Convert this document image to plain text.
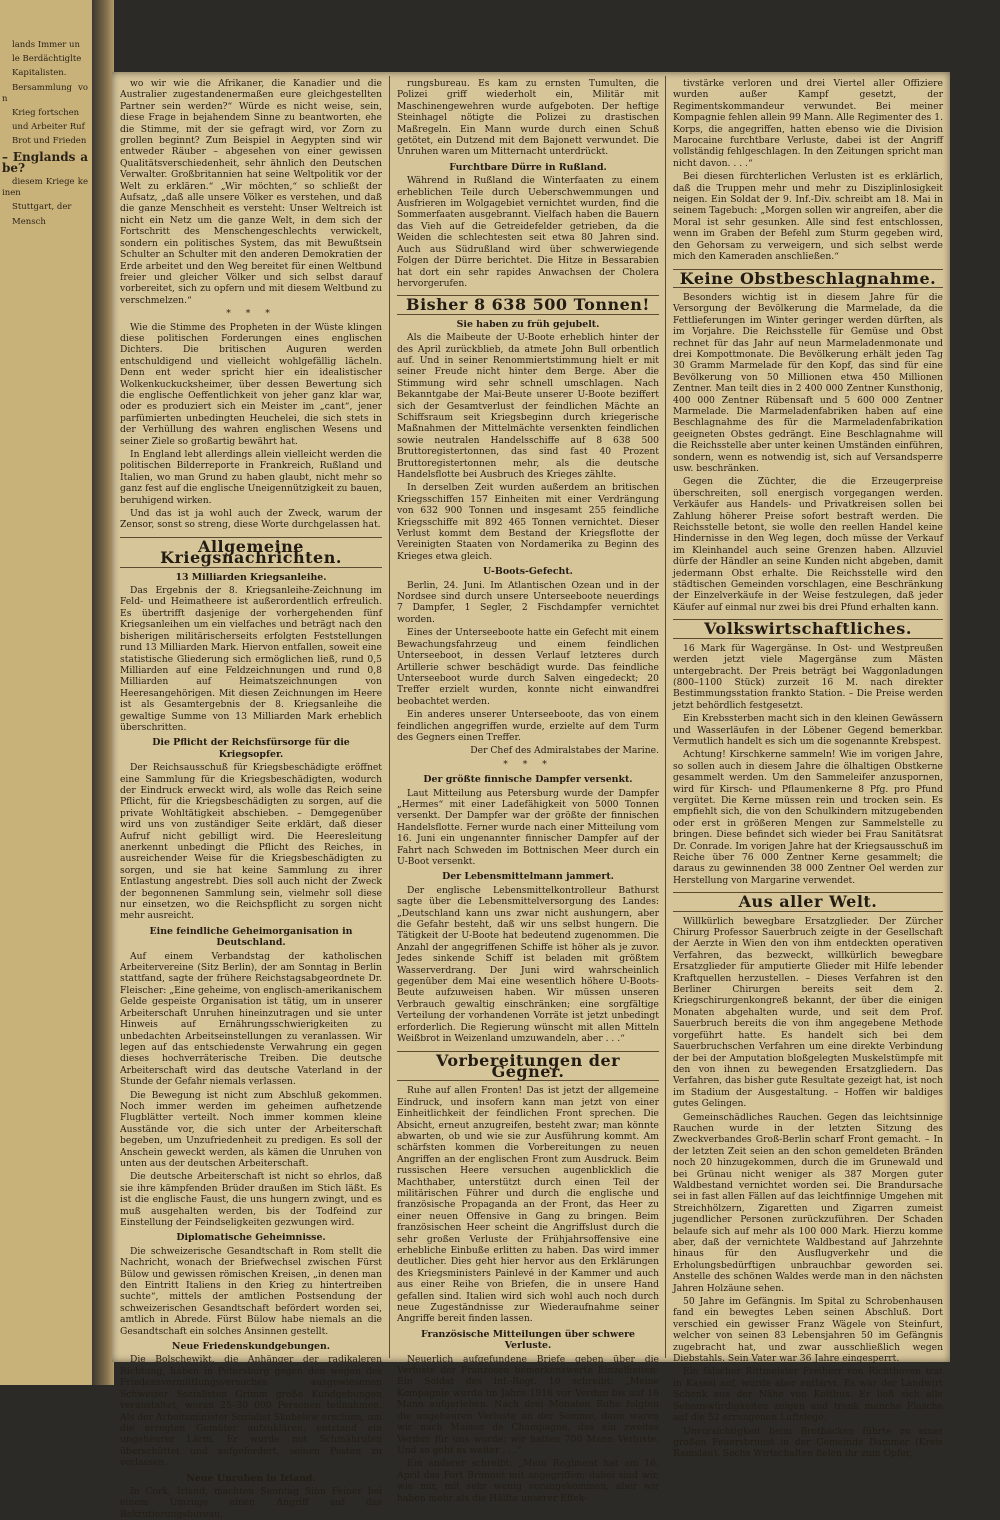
lands Immer un

le Berdächtiglte

Kapitalisten.

Bersammlung von

Krieg fortschen

und Arbeiter Ruf

Brot und Frieden

– Englands abe?

diesem Kriege keinen

Stuttgart, der

Mensch

wo wir wie die Afrikaner, die Kanadier und die Australier zugestandenermaßen eure gleichgestellten Partner sein werden?“ Würde es nicht weise, sein, diese Frage in bejahendem Sinne zu beantworten, ehe die Stimme, mit der sie gefragt wird, vor Zorn zu grollen beginnt? Zum Beispiel in Aegypten sind wir entweder Räuber – abgesehen von einer gewissen Qualitätsverschiedenheit, sehr ähnlich den Deutschen Verwalter. Großbritannien hat seine Weltpolitik vor der Welt zu erklären.“ „Wir möchten,“ so schließt der Aufsatz, „daß alle unsere Völker es verstehen, und daß die ganze Menschheit es versteht: Unser Weltreich ist nicht ein Netz um die ganze Welt, in dem sich der Fortschritt des Menschengeschlechts verwickelt, sondern ein politisches System, das mit Bewußtsein Schulter an Schulter mit den anderen Demokratien der Erde arbeitet und den Weg bereitet für einen Weltbund freier und gleicher Völker und sich selbst darauf vorbereitet, sich zu opfern und mit diesem Weltbund zu verschmelzen.“

* * *

Wie die Stimme des Propheten in der Wüste klingen diese politischen Forderungen eines englischen Dichters. Die britischen Auguren werden entschuldigend und vielleicht wohlgefällig lächeln. Denn ent weder spricht hier ein idealistischer Wolkenkuckucksheimer, über dessen Bewertung sich die englische Oeffentlichkeit von jeher ganz klar war, oder es produziert sich ein Meister im „cant“, jener parfümierten unbedingten Heuchelei, die sich stets in der Verhüllung des wahren englischen Wesens und seiner Ziele so großartig bewährt hat.

In England lebt allerdings allein vielleicht werden die politischen Bilderreporte in Frankreich, Rußland und Italien, wo man Grund zu haben glaubt, nicht mehr so ganz fest auf die englische Uneigennützigkeit zu bauen, beruhigend wirken.

Und das ist ja wohl auch der Zweck, warum der Zensor, sonst so streng, diese Worte durchgelassen hat.

Allgemeine Kriegsnachrichten.
13 Milliarden Kriegsanleihe.

Das Ergebnis der 8. Kriegsanleihe-Zeichnung im Feld- und Heimatheere ist außerordentlich erfreulich. Es übertrifft dasjenige der vorhergehenden fünf Kriegsanleihen um ein vielfaches und beträgt nach den bisherigen militärischerseits erfolgten Feststellungen rund 13 Milliarden Mark. Hiervon entfallen, soweit eine statistische Gliederung sich ermöglichen ließ, rund 0,5 Milliarden auf eine Feldzeichnungen und rund 0,8 Milliarden auf Heimatszeichnungen von Heeresangehörigen. Mit diesen Zeichnungen im Heere ist als Gesamtergebnis der 8. Kriegsanleihe die gewaltige Summe von 13 Milliarden Mark erheblich überschritten.

Die Pflicht der Reichsfürsorge für die Kriegsopfer.

Der Reichsausschuß für Kriegsbeschädigte eröffnet eine Sammlung für die Kriegsbeschädigten, wodurch der Eindruck erweckt wird, als wolle das Reich seine Pflicht, für die Kriegsbeschädigten zu sorgen, auf die private Wohltätigkeit abschieben. – Demgegenüber wird uns von zuständiger Seite erklärt, daß dieser Aufruf nicht gebilligt wird. Die Heeresleitung anerkennt unbedingt die Pflicht des Reiches, in ausreichender Weise für die Kriegsbeschädigten zu sorgen, und sie hat keine Sammlung zu ihrer Entlastung angestrebt. Dies soll auch nicht der Zweck der begonnenen Sammlung sein, vielmehr soll diese nur einsetzen, wo die Reichspflicht zu sorgen nicht mehr ausreicht.

Eine feindliche Geheimorganisation in Deutschland.

Auf einem Verbandstag der katholischen Arbeitervereine (Sitz Berlin), der am Sonntag in Berlin stattfand, sagte der frühere Reichstagsabgeordnete Dr. Fleischer: „Eine geheime, von englisch-amerikanischem Gelde gespeiste Organisation ist tätig, um in unserer Arbeiterschaft Unruhen hineinzutragen und sie unter Hinweis auf Ernährungsschwierigkeiten zu unbedachten Arbeitseinstellungen zu veranlassen. Wir legen auf das entschiedenste Verwahrung ein gegen dieses hochverräterische Treiben. Die deutsche Arbeiterschaft wird das deutsche Vaterland in der Stunde der Gefahr niemals verlassen.

Die Bewegung ist nicht zum Abschluß gekommen. Noch immer werden im geheimen aufhetzende Flugblätter verteilt. Noch immer kommen kleine Ausstände vor, die sich unter der Arbeiterschaft begeben, um Unzufriedenheit zu predigen. Es soll der Anschein geweckt werden, als kämen die Unruhen von unten aus der deutschen Arbeiterschaft.

Die deutsche Arbeiterschaft ist nicht so ehrlos, daß sie ihre kämpfenden Brüder draußen im Stich läßt. Es ist die englische Faust, die uns hungern zwingt, und es muß ausgehalten werden, bis der Todfeind zur Einstellung der Feindseligkeiten gezwungen wird.

Diplomatische Geheimnisse.

Die schweizerische Gesandtschaft in Rom stellt die Nachricht, wonach der Briefwechsel zwischen Fürst Bülow und gewissen römischen Kreisen, „in denen man den Eintritt Italiens in den Krieg zu hintertreiben suchte“, mittels der amtlichen Postsendung der schweizerischen Gesandtschaft befördert worden sei, amtlich in Abrede. Fürst Bülow habe niemals an die Gesandtschaft ein solches Ansinnen gestellt.

Neue Friedenskundgebungen.

Die Bolschewikt, die Anhänger der radikaleren Richtung, haben in Petersburg gegen den wegen des Friedensvermittlungsversuches ausgewiesenen Schweizer Sozialisten Grimm große Kundgebungen veranstaltet, woran 25–30 000 Personen teilnahmen. Als der Arbeitsminister Sozialist Skobelew erschien, um die erregten Gemüter aufzuklären, entstand ein ungeheurer Lärm. Er wurde mit Schmährufen überschüttet und aufgefordert, seinen Posten zu verlassen.

Neue Unruhen in Irland.

In Cork, Irland, machten Sonntag Sinn Feiner bei einem Umzuge einen Angriff auf das Rekrutierungsbureau.

rungsbureau. Es kam zu ernsten Tumulten, die Polizei griff wiederholt ein, Militär mit Maschinengewehren wurde aufgeboten. Der heftige Steinhagel nötigte die Polizei zu drastischen Maßregeln. Ein Mann wurde durch einen Schuß getötet, ein Dutzend mit dem Bajonett verwundet. Die Unruhen waren um Mitternacht unterdrückt.

Furchtbare Dürre in Rußland.

Während in Rußland die Winterfaaten zu einem erheblichen Teile durch Ueberschwemmungen und Ausfrieren im Wolgagebiet vernichtet wurden, find die Sommerfaaten ausgebrannt. Vielfach haben die Bauern das Vieh auf die Getreidefelder getrieben, da die Weiden die schlechtesten seit etwa 80 Jahren sind. Auch aus Südrußland wird über schwerwiegende Folgen der Dürre berichtet. Die Hitze in Bessarabien hat dort ein sehr rapides Anwachsen der Cholera hervorgerufen.

Bisher 8 638 500 Tonnen!
Sie haben zu früh gejubelt.

Als die Maibeute der U-Boote erheblich hinter der des April zurückblieb, da atmete John Bull orbentlich auf. Und in seiner Renommiertstimmung hielt er mit seiner Freude nicht hinter dem Berge. Aber die Stimmung wird sehr schnell umschlagen. Nach Bekanntgabe der Mai-Beute unserer U-Boote beziffert sich der Gesamtverlust der feindlichen Mächte an Schiffsraum seit Kriegsbeginn durch kriegerische Maßnahmen der Mittelmächte versenkten feindlichen sowie neutralen Handelsschiffe auf 8 638 500 Bruttoregistertonnen, das sind fast 40 Prozent Bruttoregistertonnen mehr, als die deutsche Handelsflotte bei Ausbruch des Krieges zählte.

In derselben Zeit wurden außerdem an britischen Kriegsschiffen 157 Einheiten mit einer Verdrängung von 632 900 Tonnen und insgesamt 255 feindliche Kriegsschiffe mit 892 465 Tonnen vernichtet. Dieser Verlust kommt dem Bestand der Kriegsflotte der Vereinigten Staaten von Nordamerika zu Beginn des Krieges etwa gleich.

U-Boots-Gefecht.

Berlin, 24. Juni. Im Atlantischen Ozean und in der Nordsee sind durch unsere Unterseeboote neuerdings 7 Dampfer, 1 Segler, 2 Fischdampfer vernichtet worden.

Eines der Unterseeboote hatte ein Gefecht mit einem Bewachungsfahrzeug und einem feindlichen Unterseeboot, in dessen Verlauf letzteres durch Artillerie schwer beschädigt wurde. Das feindliche Unterseeboot wurde durch Salven eingedeckt; 20 Treffer erzielt wurden, konnte nicht einwandfrei beobachtet werden.

Ein anderes unserer Unterseeboote, das von einem feindlichen angegriffen wurde, erzielte auf dem Turm des Gegners einen Treffer.

Der Chef des Admiralstabes der Marine.

* * *
Der größte finnische Dampfer versenkt.

Laut Mitteilung aus Petersburg wurde der Dampfer „Hermes“ mit einer Ladefähigkeit von 5000 Tonnen versenkt. Der Dampfer war der größte der finnischen Handelsflotte. Ferner wurde nach einer Mitteilung vom 16. Juni ein ungenannter finnischer Dampfer auf der Fahrt nach Schweden im Bottnischen Meer durch ein U-Boot versenkt.

Der Lebensmittelmann jammert.

Der englische Lebensmittelkontrolleur Bathurst sagte über die Lebensmittelversorgung des Landes: „Deutschland kann uns zwar nicht aushungern, aber die Gefahr besteht, daß wir uns selbst hungern. Die Tätigkeit der U-Boote hat bedeutend zugenommen. Die Anzahl der angegriffenen Schiffe ist höher als je zuvor. Jedes sinkende Schiff ist beladen mit größtem Wasserverdrang. Der Juni wird wahrscheinlich gegenüber dem Mai eine wesentlich höhere U-Boots-Beute aufzuweisen haben. Wir müssen unseren Verbrauch gewaltig einschränken; eine sorgfältige Verteilung der vorhandenen Vorräte ist jetzt unbedingt erforderlich. Die Regierung wünscht mit allen Mitteln Weißbrot in Weizenland umzuwandeln, aber . . .“

Vorbereitungen der Gegner.

Ruhe auf allen Fronten! Das ist jetzt der allgemeine Eindruck, und insofern kann man jetzt von einer Einheitlichkeit der feindlichen Front sprechen. Die Absicht, erneut anzugreifen, besteht zwar; man könnte abwarten, ob und wie sie zur Ausführung kommt. Am schärfsten kommen die Vorbereitungen zu neuen Angriffen an der englischen Front zum Ausdruck. Beim russischen Heere versuchen augenblicklich die Machthaber, unterstützt durch einen Teil der militärischen Führer und durch die englische und französische Propaganda an der Front, das Heer zu einer neuen Offensive in Gang zu bringen. Beim französischen Heer scheint die Angriffslust durch die sehr großen Verluste der Frühjahrsoffensive eine erhebliche Einbuße erlitten zu haben. Das wird immer deutlicher. Dies geht hier hervor aus den Erklärungen des Kriegsministers Painlevé in der Kammer und auch aus einer Reihe von Briefen, die in unsere Hand gefallen sind. Italien wird sich wohl auch noch durch neue Zugeständnisse zur Wiederaufnahme seiner Angriffe bereit finden lassen.

Französische Mitteilungen über schwere Verluste.

Neuerlich aufgefundene Briefe geben über die Verluste der Franzosen bemerkenswerte Einzelheiten: Ein Soldat des Inf.-Regt. 10 schreibt: „Meine Kompagnie wurde im Jahre 1916 vor Verdun bis auf 16 Mann aufgerieben. Nach drei Monaten Ruhe folgten die ungeheuren Verluste an der Somme, dann waren wir nach Maison de Champagne, das ein zweites Verdun für uns wurde; wir hatten 700 Mann Verluste. Und so geht es weiter . . .“

Ein anderer schreibt: „Mein Regiment hat am 16. April das Fort Brimont mit angegriffen; dabei sind wir, wie mir, mit sehr wenig vorangekommen, aber wir haben mehr als die Hälfte unserer Effek-

tivstärke verloren und drei Viertel aller Offiziere wurden außer Kampf gesetzt, der Regimentskommandeur verwundet. Bei meiner Kompagnie fehlen allein 99 Mann. Alle Regimenter des 1. Korps, die angegriffen, hatten ebenso wie die Division Marocaine furchtbare Verluste, dabei ist der Angriff vollständig fehlgeschlagen. In den Zeitungen spricht man nicht davon. . . .“

Bei diesen fürchterlichen Verlusten ist es erklärlich, daß die Truppen mehr und mehr zu Disziplinlosigkeit neigen. Ein Soldat der 9. Inf.-Div. schreibt am 18. Mai in seinem Tagebuch: „Morgen sollen wir angreifen, aber die Moral ist sehr gesunken. Alle sind fest entschlossen, wenn im Graben der Befehl zum Sturm gegeben wird, den Gehorsam zu verweigern, und sich selbst werde mich den Kameraden anschließen.“

Keine Obstbeschlagnahme.

Besonders wichtig ist in diesem Jahre für die Versorgung der Bevölkerung die Marmelade, da die Fettlieferungen im Winter geringer werden dürften, als im Vorjahre. Die Reichsstelle für Gemüse und Obst rechnet für das Jahr auf neun Marmeladenmonate und drei Kompottmonate. Die Bevölkerung erhält jeden Tag 30 Gramm Marmelade für den Kopf, das sind für eine Bevölkerung von 50 Millionen etwa 450 Millionen Zentner. Man teilt dies in 2 400 000 Zentner Kunsthonig, 400 000 Zentner Rübensaft und 5 600 000 Zentner Marmelade. Die Marmeladenfabriken haben auf eine Beschlagnahme des für die Marmeladenfabrikation geeigneten Obstes gedrängt. Eine Beschlagnahme will die Reichsstelle aber unter keinen Umständen einführen, sondern, wenn es notwendig ist, sich auf Versandsperre usw. beschränken.

Gegen die Züchter, die die Erzeugerpreise überschreiten, soll energisch vorgegangen werden. Verkäufer aus Handels- und Privatkreisen sollen bei Zahlung höherer Preise sofort bestraft werden. Die Reichsstelle betont, sie wolle den reellen Handel keine Hindernisse in den Weg legen, doch müsse der Verkauf im Kleinhandel auch seine Grenzen haben. Allzuviel dürfe der Händler an seine Kunden nicht abgeben, damit jedermann Obst erhalte. Die Reichsstelle wird den städtischen Gemeinden vorschlagen, eine Beschränkung der Einzelverkäufe in der Weise festzulegen, daß jeder Käufer auf einmal nur zwei bis drei Pfund erhalten kann.

Volkswirtschaftliches.

16 Mark für Wagergänse. In Ost- und Westpreußen werden jetzt viele Magergänse zum Mästen untergebracht. Der Preis beträgt bei Waggonladungen (800–1100 Stück) zurzeit 16 M. nach direkter Bestimmungsstation frankto Station. – Die Preise werden jetzt behördlich festgesetzt.

Ein Krebssterben macht sich in den kleinen Gewässern und Wasserläufen in der Löbener Gegend bemerkbar. Vermutlich handelt es sich um die sogenannte Krebspest.

Achtung! Kirschkerne sammeln! Wie im vorigen Jahre, so sollen auch in diesem Jahre die ölhaltigen Obstkerne gesammelt werden. Um den Sammeleifer anzuspornen, wird für Kirsch- und Pflaumenkerne 8 Pfg. pro Pfund vergütet. Die Kerne müssen rein und trocken sein. Es empfiehlt sich, die von den Schulkindern mitzugebenden oder erst in größeren Mengen zur Sammelstelle zu bringen. Diese befindet sich wieder bei Frau Sanitätsrat Dr. Conrade. Im vorigen Jahre hat der Kriegsausschuß im Reiche über 76 000 Zentner Kerne gesammelt; die daraus zu gewinnenden 38 000 Zentner Oel werden zur Herstellung von Margarine verwendet.

Aus aller Welt.

Willkürlich bewegbare Ersatzglieder. Der Zürcher Chirurg Professor Sauerbruch zeigte in der Gesellschaft der Aerzte in Wien den von ihm entdeckten operativen Verfahren, das bezweckt, willkürlich bewegbare Ersatzglieder für amputierte Glieder mit Hilfe lebender Kraftquellen herzustellen. – Dieses Verfahren ist den Berliner Chirurgen bereits seit dem 2. Kriegschirurgenkongreß bekannt, der über die einigen Monaten abgehalten wurde, und seit dem Prof. Sauerbruch bereits die von ihm angegebene Methode vorgeführt hatte. Es handelt sich bei dem Sauerbruchschen Verfahren um eine direkte Verbindung der bei der Amputation bloßgelegten Muskelstümpfe mit den von ihnen zu bewegenden Ersatzgliedern. Das Verfahren, das bisher gute Resultate gezeigt hat, ist noch im Stadium der Ausgestaltung. – Hoffen wir baldiges gutes Gelingen.

Gemeinschädliches Rauchen. Gegen das leichtsinnige Rauchen wurde in der letzten Sitzung des Zweckverbandes Groß-Berlin scharf Front gemacht. – In der letzten Zeit seien an den schon gemeldeten Bränden noch 20 hinzugekommen, durch die im Grunewald und bei Grünau nicht weniger als 387 Morgen guter Waldbestand vernichtet worden sei. Die Brandursache sei in fast allen Fällen auf das leichtfinnige Umgehen mit Streichhölzern, Zigaretten und Zigarren zumeist jugendlicher Personen zurückzuführen. Der Schaden belaufe sich auf mehr als 100 000 Mark. Hierzu komme aber, daß der vernichtete Waldbestand auf Jahrzehnte hinaus für den Ausflugverkehr und die Erholungsbedürftigen unbrauchbar geworden sei. Anstelle des schönen Waldes werde man in den nächsten Jahren Holzäune sehen.

50 Jahre im Gefängnis. Im Spital zu Schrobenhausen fand ein bewegtes Leben seinen Abschluß. Dort verschied ein gewisser Franz Wägele von Steinfurt, welcher von seinen 83 Lebensjahren 50 im Gefängnis zugebracht hat, und zwar ausschließlich wegen Diebstahls. Sein Vater war 36 Jahre eingesperrt.

Ein falscher Rittmeister Freiherr von Richthoven trat in Kassel auf, wurde aber entlarvt. Es war der Landwirt Schenk aus der Nähe von Kottbus. Er ließ sich alle Sehenswürdigkeiten zeigen und trank manche Flasche auf die 52 errungenen Luftsiege.

Unvorsichtigkeit beim Brotbacken führte zu einer großen Feuersbrunst in der Gemeinde Dammer (Kreis Ramslau). Sechs Wirtschaften fielen ihr zum Opfer,
